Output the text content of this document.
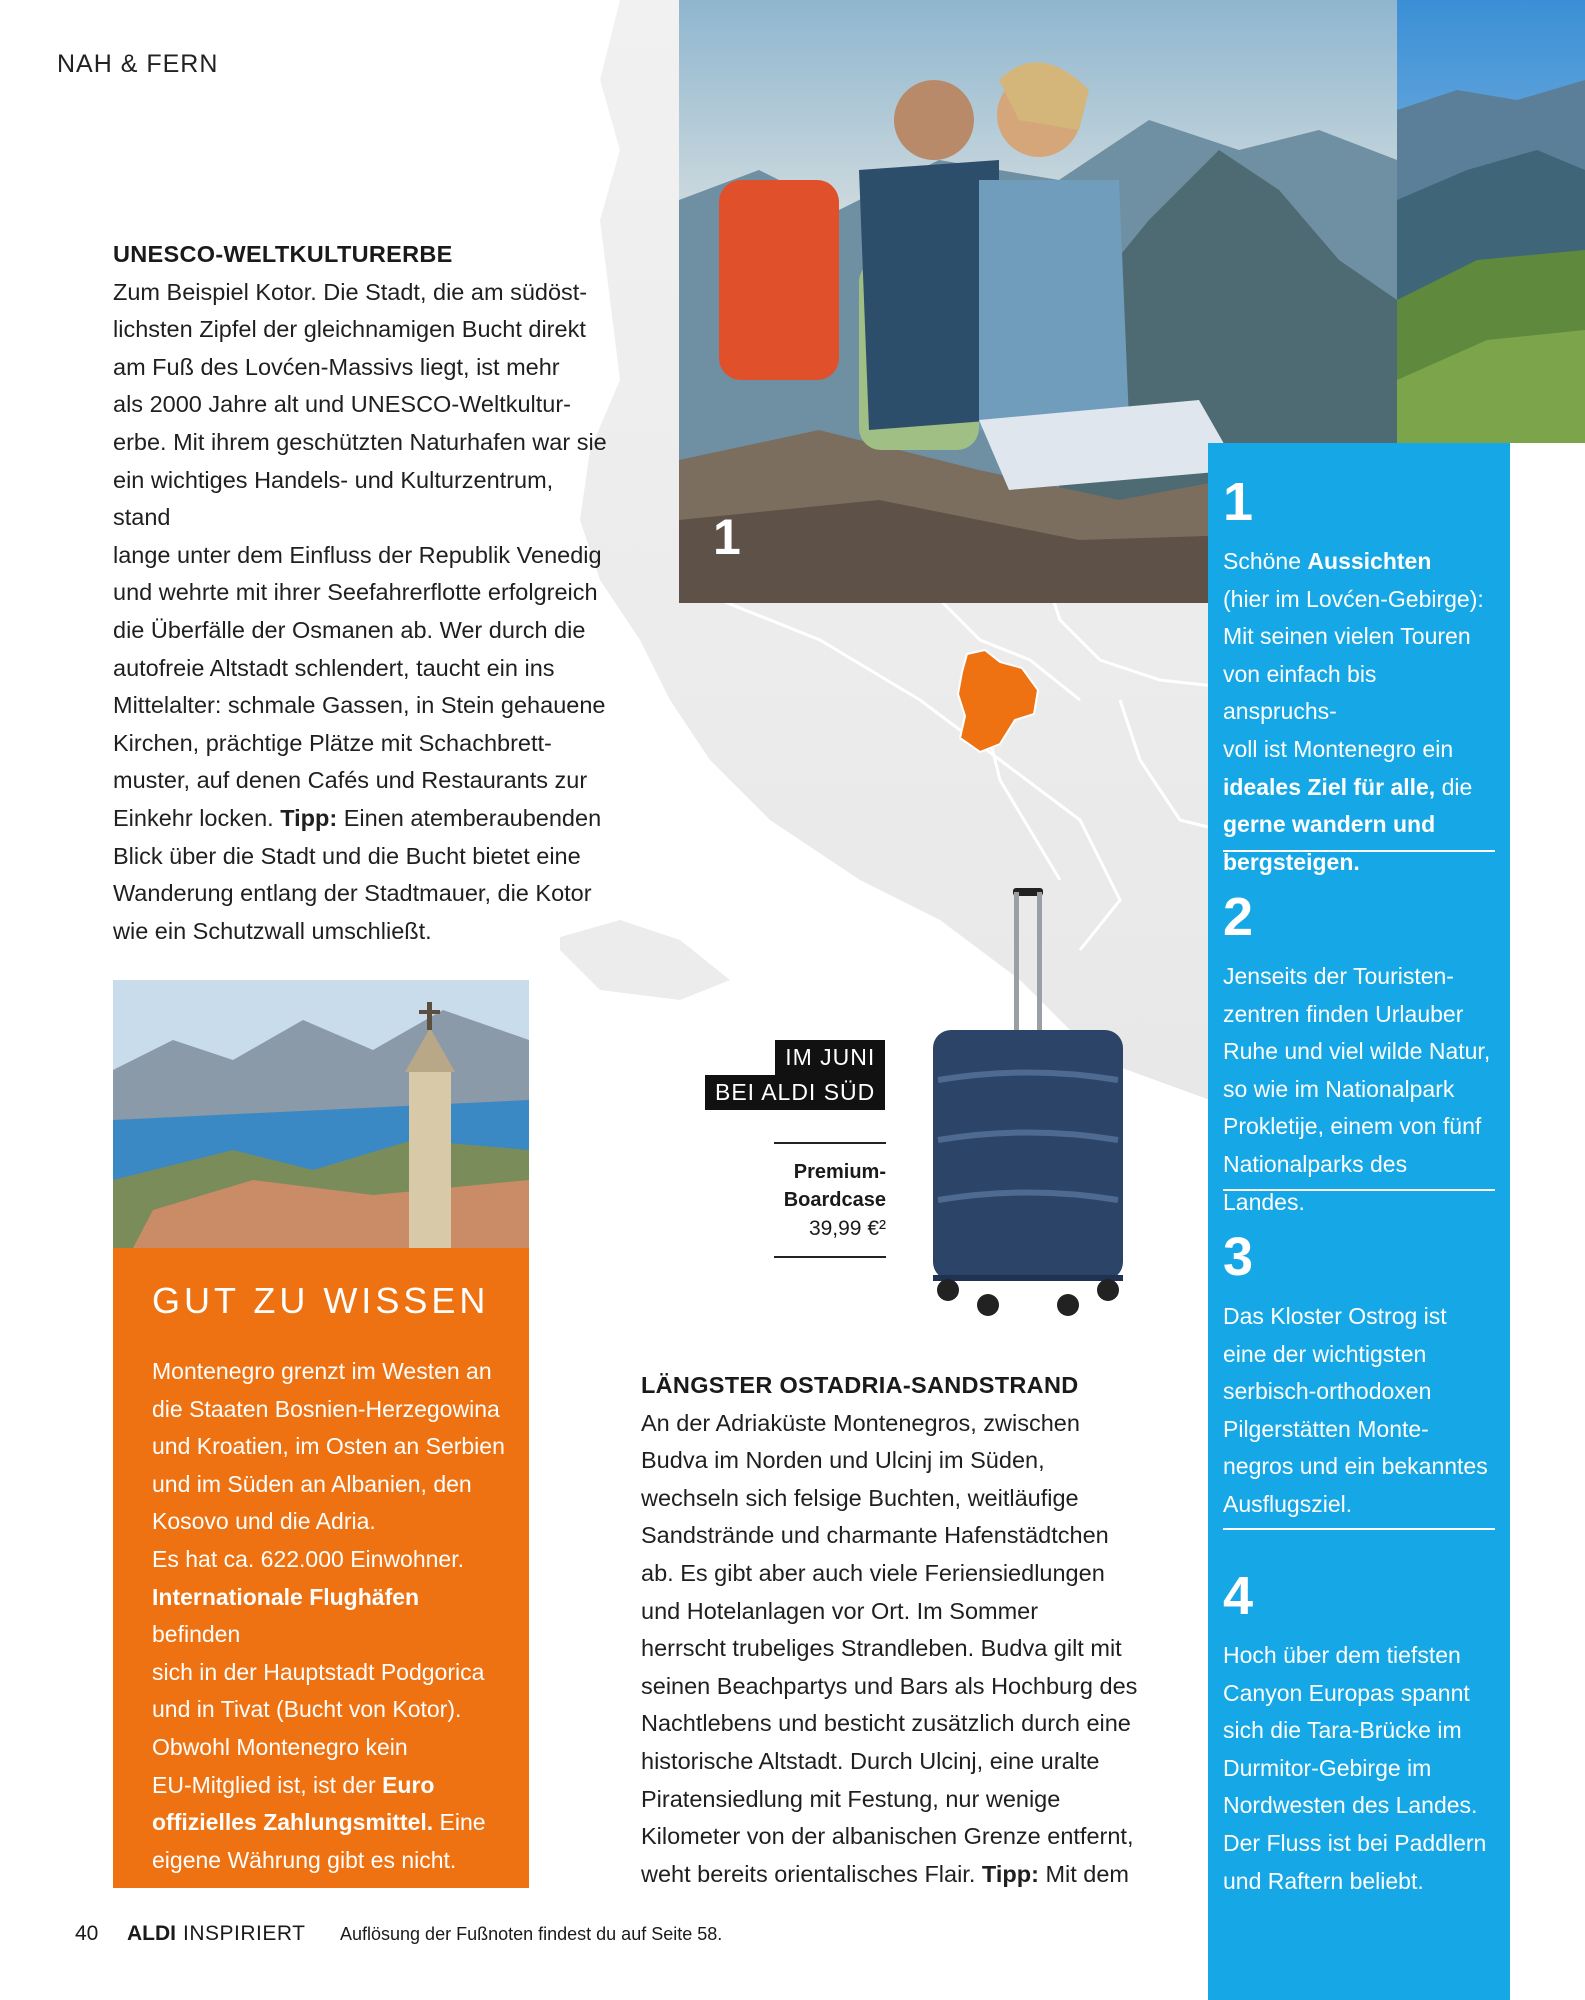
NAH & FERN
UNESCO-WELTKULTURERBE
Zum Beispiel Kotor. Die Stadt, die am südöst-
lichsten Zipfel der gleichnamigen Bucht direkt
am Fuß des Lovćen-Massivs liegt, ist mehr
als 2000 Jahre alt und UNESCO-Weltkultur-
erbe. Mit ihrem geschützten Naturhafen war sie
ein wichtiges Handels- und Kulturzentrum, stand
lange unter dem Einfluss der Republik Venedig
und wehrte mit ihrer Seefahrerflotte erfolgreich
die Überfälle der Osmanen ab. Wer durch die
autofreie Altstadt schlendert, taucht ein ins
Mittelalter: schmale Gassen, in Stein gehauene
Kirchen, prächtige Plätze mit Schachbrett-
muster, auf denen Cafés und Restaurants zur
Einkehr locken. Tipp: Einen atemberaubenden
Blick über die Stadt und die Bucht bietet eine
Wanderung entlang der Stadtmauer, die Kotor
wie ein Schutzwall umschließt.
1
GUT ZU WISSEN
Montenegro grenzt im Westen an
die Staaten Bosnien-Herzegowina
und Kroatien, im Osten an Serbien
und im Süden an Albanien, den
Kosovo und die Adria.
Es hat ca. 622.000 Einwohner.
Internationale Flughäfen befinden
sich in der Hauptstadt Podgorica
und in Tivat (Bucht von Kotor).
Obwohl Montenegro kein
EU-Mitglied ist, ist der Euro
offizielles Zahlungsmittel. Eine
eigene Währung gibt es nicht.
IM JUNI
BEI ALDI SÜD
Premium-
Boardcase
39,99 €²
LÄNGSTER OSTADRIA-SANDSTRAND
An der Adriaküste Montenegros, zwischen
Budva im Norden und Ulcinj im Süden,
wechseln sich felsige Buchten, weitläufige
Sandstrände und charmante Hafenstädtchen
ab. Es gibt aber auch viele Feriensiedlungen
und Hotelanlagen vor Ort. Im Sommer
herrscht trubeliges Strandleben. Budva gilt mit
seinen Beachpartys und Bars als Hochburg des
Nachtlebens und besticht zusätzlich durch eine
historische Altstadt. Durch Ulcinj, eine uralte
Piratensiedlung mit Festung, nur wenige
Kilometer von der albanischen Grenze entfernt,
weht bereits orientalisches Flair. Tipp: Mit dem
1
Schöne Aussichten
(hier im Lovćen-Gebirge):
Mit seinen vielen Touren
von einfach bis anspruchs-
voll ist Montenegro ein
ideales Ziel für alle, die
gerne wandern und
bergsteigen.
2
Jenseits der Touristen-
zentren finden Urlauber
Ruhe und viel wilde Natur,
so wie im Nationalpark
Prokletije, einem von fünf
Nationalparks des Landes.
3
Das Kloster Ostrog ist
eine der wichtigsten
serbisch-orthodoxen
Pilgerstätten Monte-
negros und ein bekanntes
Ausflugsziel.
4
Hoch über dem tiefsten
Canyon Europas spannt
sich die Tara-Brücke im
Durmitor-Gebirge im
Nordwesten des Landes.
Der Fluss ist bei Paddlern
und Raftern beliebt.
40 ALDI INSPIRIERT Auflösung der Fußnoten findest du auf Seite 58.
